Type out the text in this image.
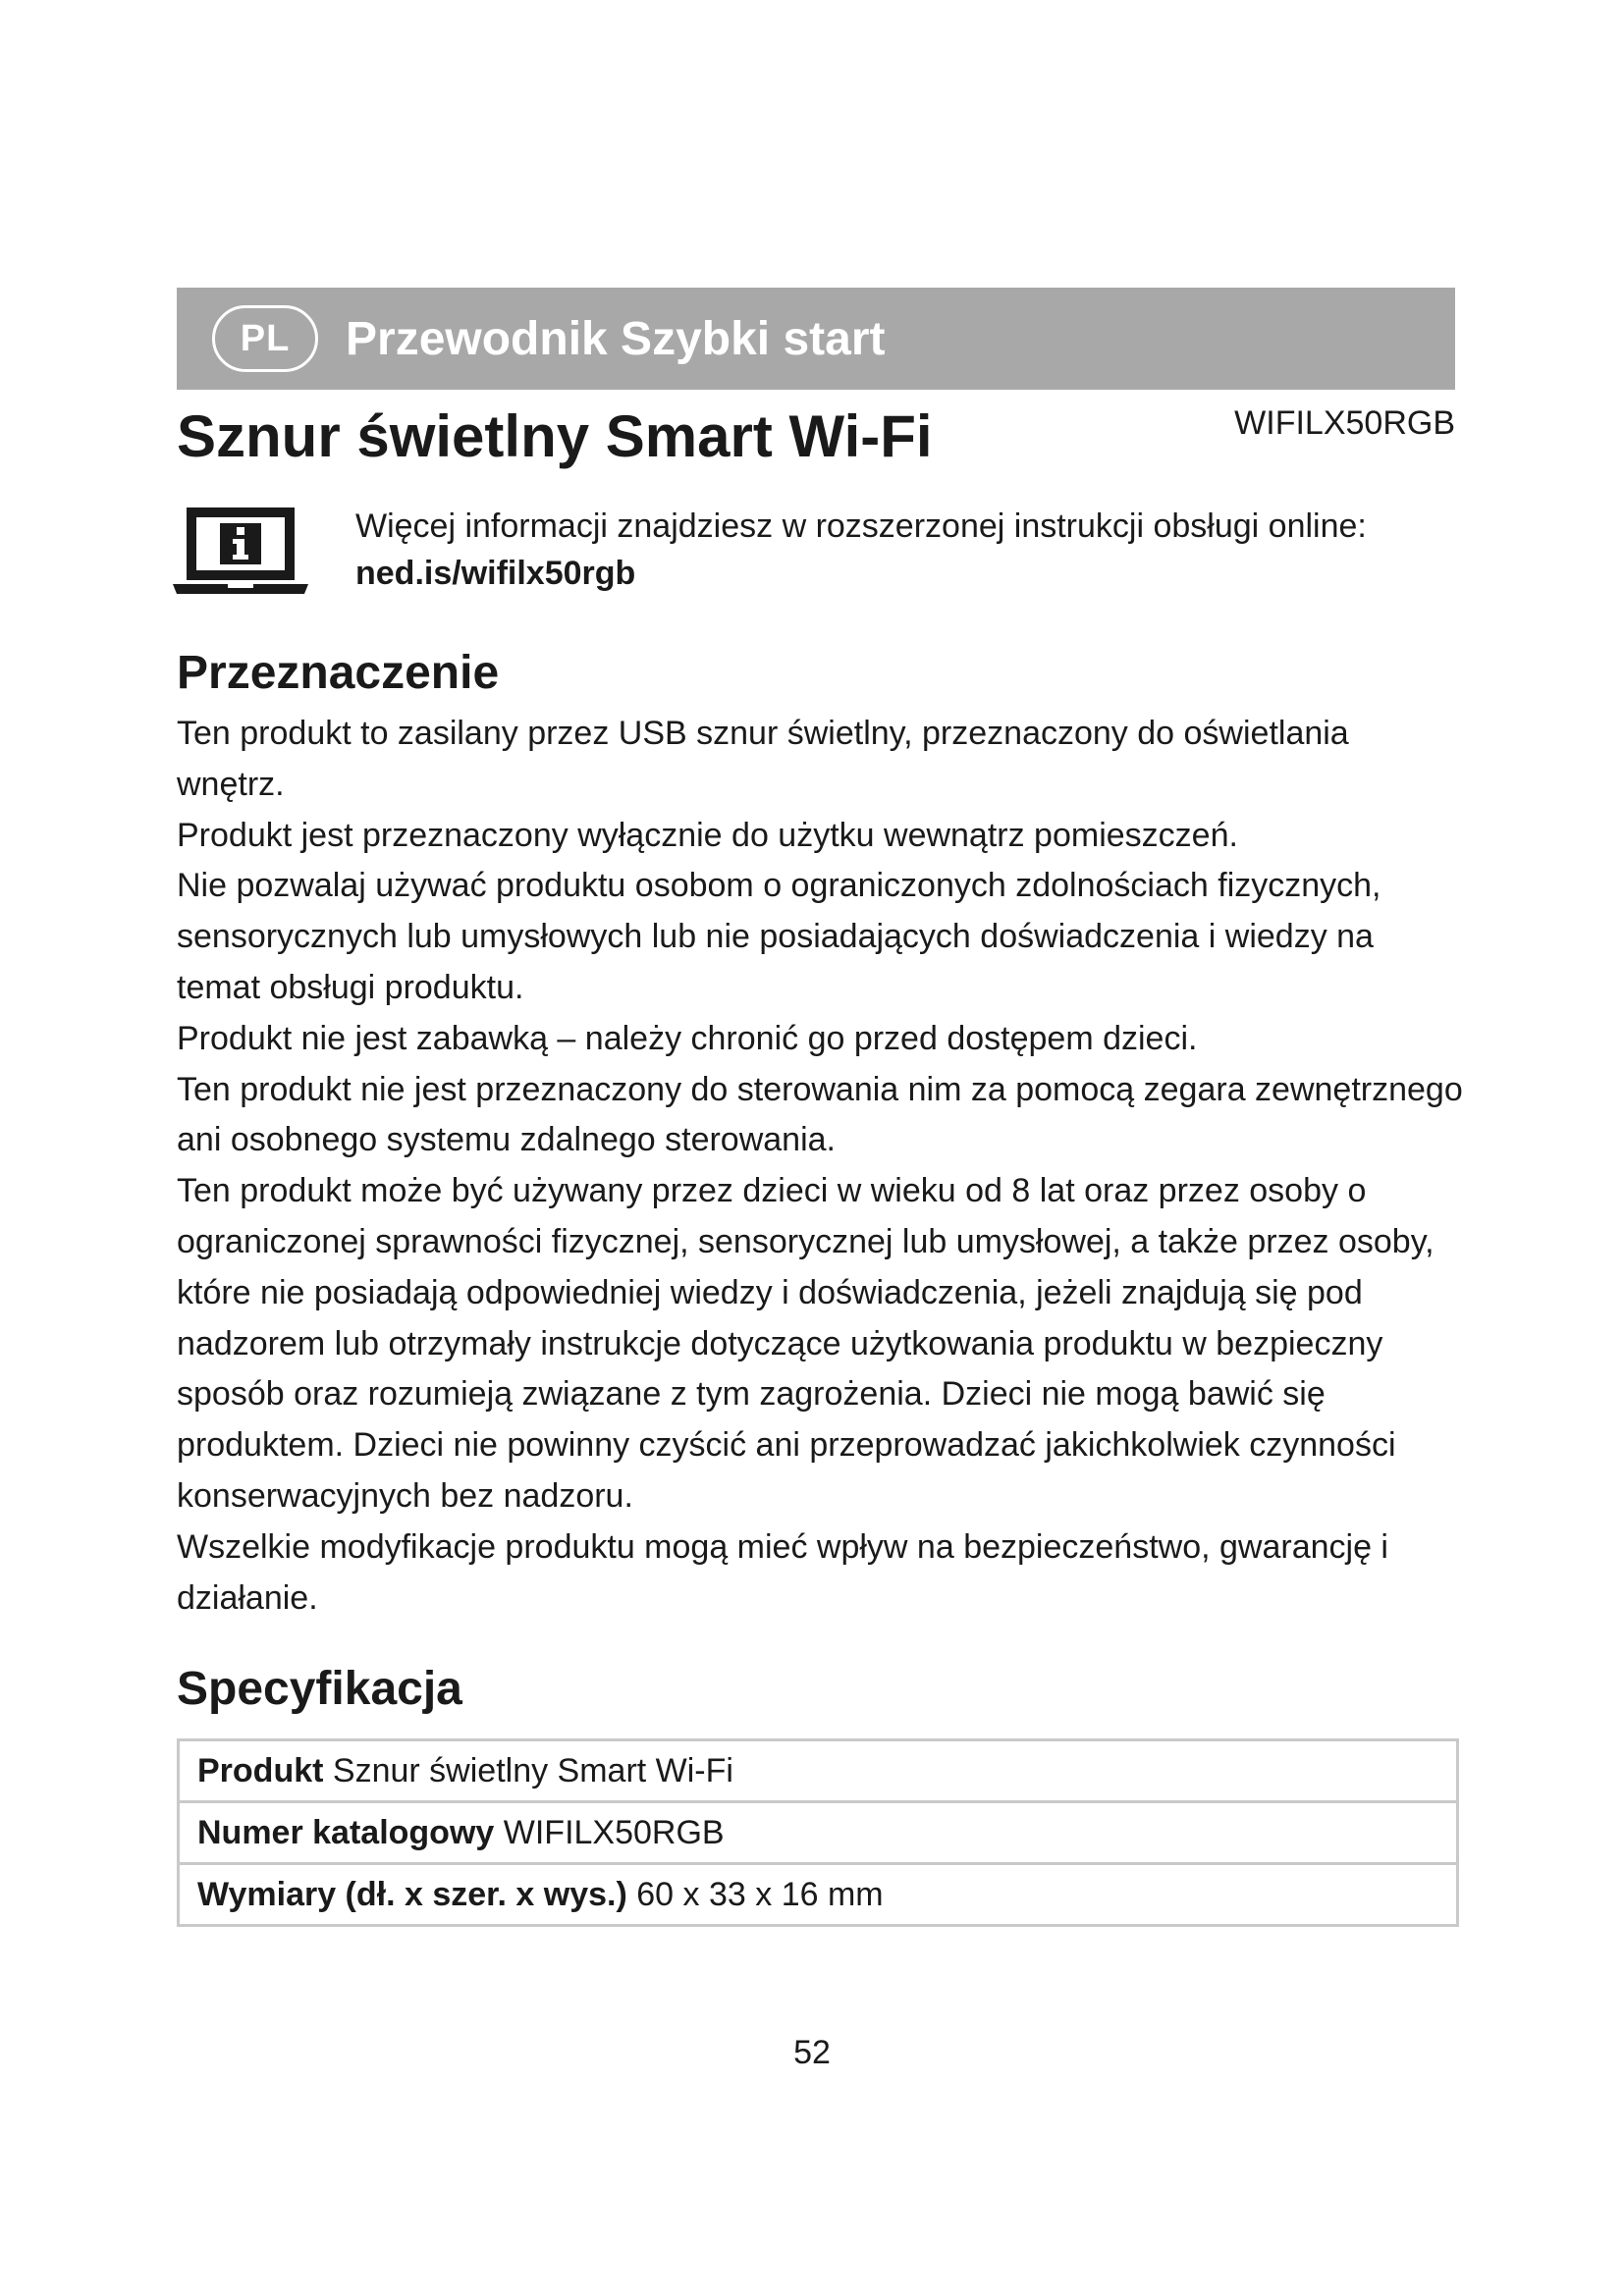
PL	Przewodnik Szybki start
Sznur świetlny Smart Wi-Fi	WIFILX50RGB
Więcej informacji znajdziesz w rozszerzonej instrukcji obsługi online:
ned.is/wifilx50rgb
Przeznaczenie

Ten produkt to zasilany przez USB sznur świetlny, przeznaczony do oświetlania wnętrz.

Produkt jest przeznaczony wyłącznie do użytku wewnątrz pomieszczeń.

Nie pozwalaj używać produktu osobom o ograniczonych zdolnościach fizycznych, sensorycznych lub umysłowych lub nie posiadających doświadczenia i wiedzy na temat obsługi produktu.

Produkt nie jest zabawką – należy chronić go przed dostępem dzieci.

Ten produkt nie jest przeznaczony do sterowania nim za pomocą zegara zewnętrznego ani osobnego systemu zdalnego sterowania.

Ten produkt może być używany przez dzieci w wieku od 8 lat oraz przez osoby o ograniczonej sprawności fizycznej, sensorycznej lub umysłowej, a także przez osoby, które nie posiadają odpowiedniej wiedzy i doświadczenia, jeżeli znajdują się pod nadzorem lub otrzymały instrukcje dotyczące użytkowania produktu w bezpieczny sposób oraz rozumieją związane z tym zagrożenia. Dzieci nie mogą bawić się produktem. Dzieci nie powinny czyścić ani przeprowadzać jakichkolwiek czynności konserwacyjnych bez nadzoru.

Wszelkie modyfikacje produktu mogą mieć wpływ na bezpieczeństwo, gwarancję i działanie.

Specyfikacja
Produkt Sznur świetlny Smart Wi-Fi
Numer katalogowy WIFILX50RGB
Wymiary (dł. x szer. x wys.) 60 x 33 x 16 mm
52
